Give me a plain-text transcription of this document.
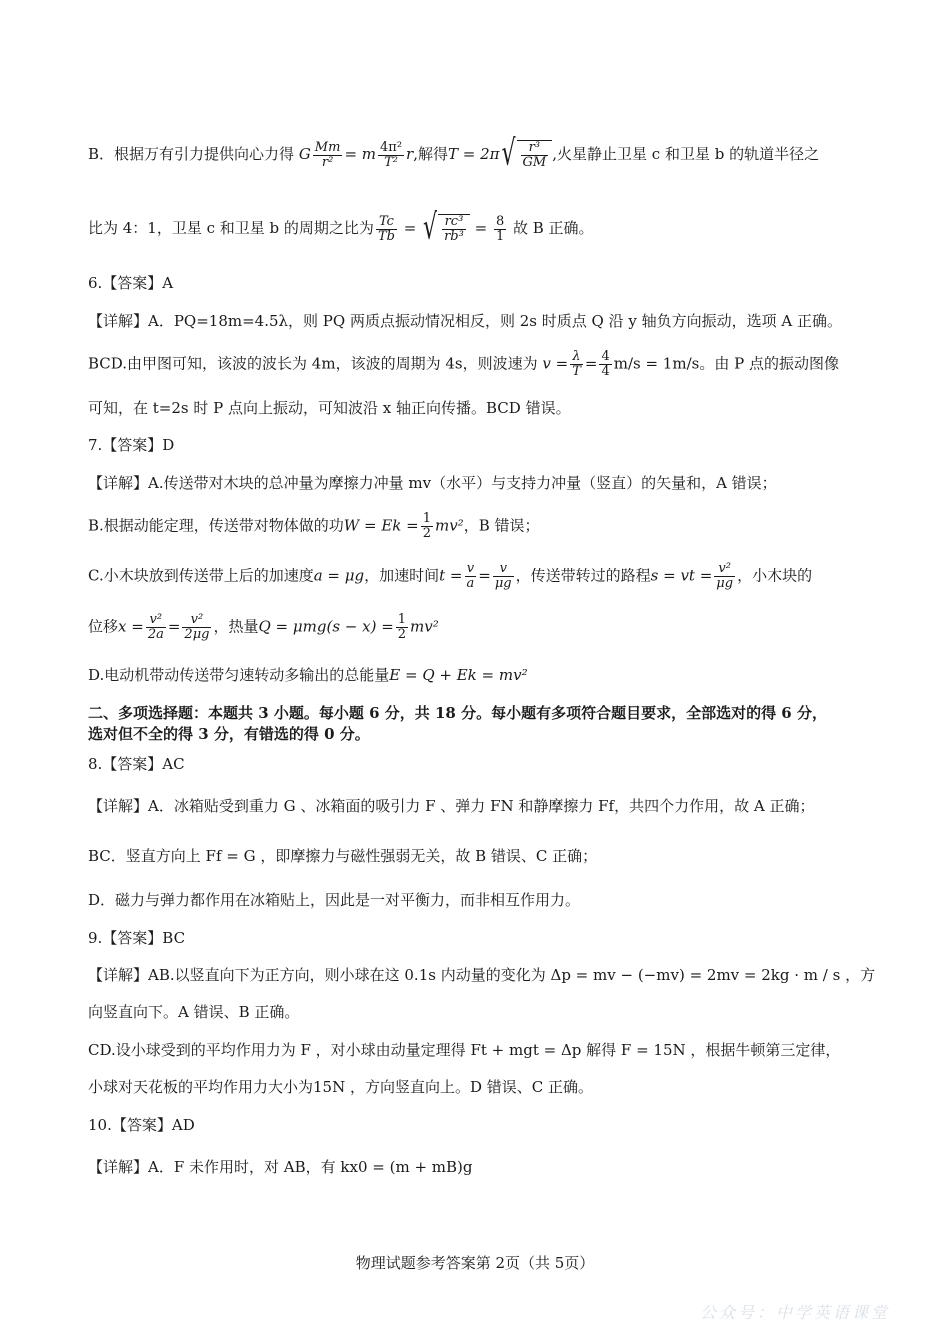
B．根据万有引力提供向心力得 G $\frac{Mm}{\text{r²}} = m \frac{\text{4π²}}{\text{T²}} r$,解得$T = 2\pi√ \frac{\text{r³}}{GM}$ ,火星静止卫星 c 和卫星 b 的轨道半径之
比为 4：1，卫星 c 和卫星 b 的周期之比为 $\frac{Tc}{Tb}$ = √ $\frac{\text{rc³}}{\text{rb³}} = \frac{8}{1}$ 故 B 正确。
6.【答案】A
【详解】A．PQ=18m=4.5λ，则 PQ 两质点振动情况相反，则 2s 时质点 Q 沿 y 轴负方向振动，选项 A 正确。
BCD.由甲图可知，该波的波长为 4m，该波的周期为 4s，则波速为 $v = \frac{\lambda}{T} = \frac{4}{4} m/s = 1m/s$。由 P 点的振动图像
可知，在 t=2s 时 P 点向上振动，可知波沿 x 轴正向传播。BCD 错误。
7.【答案】D
【详解】A.传送带对木块的总冲量为摩擦力冲量 mv（水平）与支持力冲量（竖直）的矢量和，A 错误；
B.根据动能定理，传送带对物体做的功$W = Ek = \frac{1}{2} mv^2$，B 错误；
C.小木块放到传送带上后的加速度a = μg，加速时间$t = \frac{v}{a} = \frac{v}{\mu g}$ ，传送带转过的路程s = vt = $\frac{\text{v²}}{\mu g}$ ，小木块的
位移$x = \frac{\text{v²}}{2a} = \frac{\text{v²}}{2\mu g}$ ，热量$Q = \mu mg(s - x) = \frac{1}{2} mv^2$
D.电动机带动传送带匀速转动多输出的总能量E = Q + Ek = mv²
二、多项选择题：本题共 3 小题。每小题 6 分，共 18 分。每小题有多项符合题目要求，全部选对的得 6 分，
选对但不全的得 3 分，有错选的得 0 分。
8.【答案】AC
【详解】A．冰箱贴受到重力 G 、冰箱面的吸引力 F 、弹力 FN 和静摩擦力 Ff，共四个力作用，故 A 正确；
BC．竖直方向上 Ff = G ，即摩擦力与磁性强弱无关，故 B 错误、C 正确；
D．磁力与弹力都作用在冰箱贴上，因此是一对平衡力，而非相互作用力。
9.【答案】BC
【详解】AB.以竖直向下为正方向，则小球在这 0.1s 内动量的变化为 Δp = mv − (−mv) = 2mv = 2kg · m / s ，方
向竖直向下。A 错误、B 正确。
CD.设小球受到的平均作用力为 F ，对小球由动量定理得 Ft + mgt = Δp 解得 F = 15N ，根据牛顿第三定律，
小球对天花板的平均作用力大小为15N ，方向竖直向上。D 错误、C 正确。
10.【答案】AD
【详解】A．F 未作用时，对 AB，有 kx0 = (m + mB)g
物理试题参考答案第 2页（共 5页）
公众号：中学英语课堂
